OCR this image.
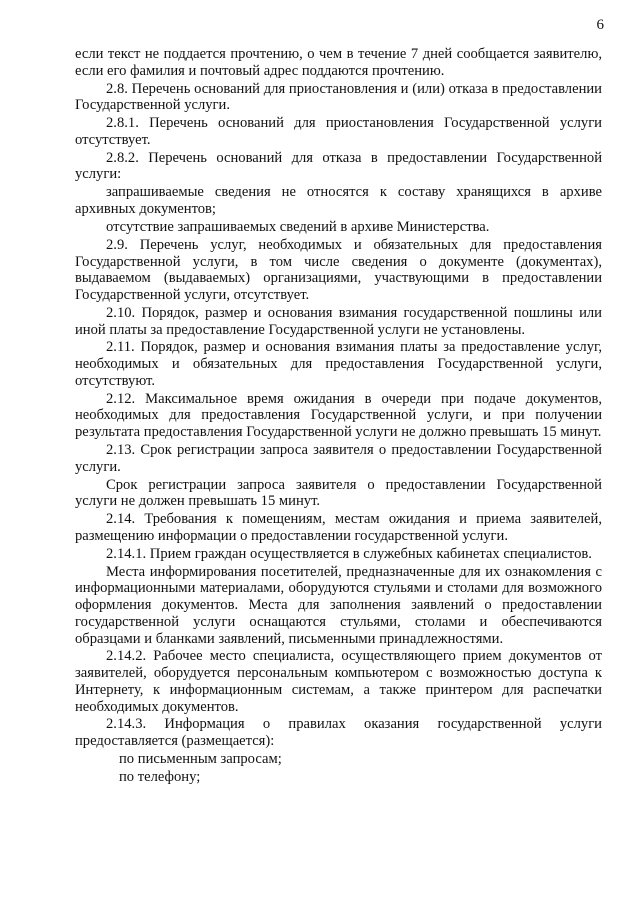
6

если текст не поддается прочтению, о чем в течение 7 дней сообщается заявителю, если его фамилия и почтовый адрес поддаются прочтению.

2.8. Перечень оснований для приостановления и (или) отказа в предоставлении Государственной услуги.

2.8.1. Перечень оснований для приостановления Государственной услуги отсутствует.

2.8.2. Перечень оснований для отказа в предоставлении Государственной услуги:

запрашиваемые сведения не относятся к составу хранящихся в архиве архивных документов;

отсутствие запрашиваемых сведений в архиве Министерства.

2.9. Перечень услуг, необходимых и обязательных для предоставления Государственной услуги, в том числе сведения о документе (документах), выдаваемом (выдаваемых) организациями, участвующими в предоставлении Государственной услуги, отсутствует.

2.10. Порядок, размер и основания взимания государственной пошлины или иной платы за предоставление Государственной услуги не установлены.

2.11. Порядок, размер и основания взимания платы за предоставление услуг, необходимых и обязательных для предоставления Государственной услуги, отсутствуют.

2.12. Максимальное время ожидания в очереди при подаче документов, необходимых для предоставления Государственной услуги, и при получении результата предоставления Государственной услуги не должно превышать 15 минут.

2.13. Срок регистрации запроса заявителя о предоставлении Государственной услуги.

Срок регистрации запроса заявителя о предоставлении Государственной услуги не должен превышать 15 минут.

2.14. Требования к помещениям, местам ожидания и приема заявителей, размещению информации о предоставлении государственной услуги.

2.14.1. Прием граждан осуществляется в служебных кабинетах специалистов.

Места информирования посетителей, предназначенные для их ознакомления с информационными материалами, оборудуются стульями и столами для возможного оформления документов. Места для заполнения заявлений о предоставлении государственной услуги оснащаются стульями, столами и обеспечиваются образцами и бланками заявлений, письменными принадлежностями.

2.14.2. Рабочее место специалиста, осуществляющего прием документов от заявителей, оборудуется персональным компьютером с возможностью доступа к Интернету, к информационным системам, а также принтером для распечатки необходимых документов.

2.14.3. Информация о правилах оказания государственной услуги предоставляется (размещается):

по письменным запросам;

по телефону;
